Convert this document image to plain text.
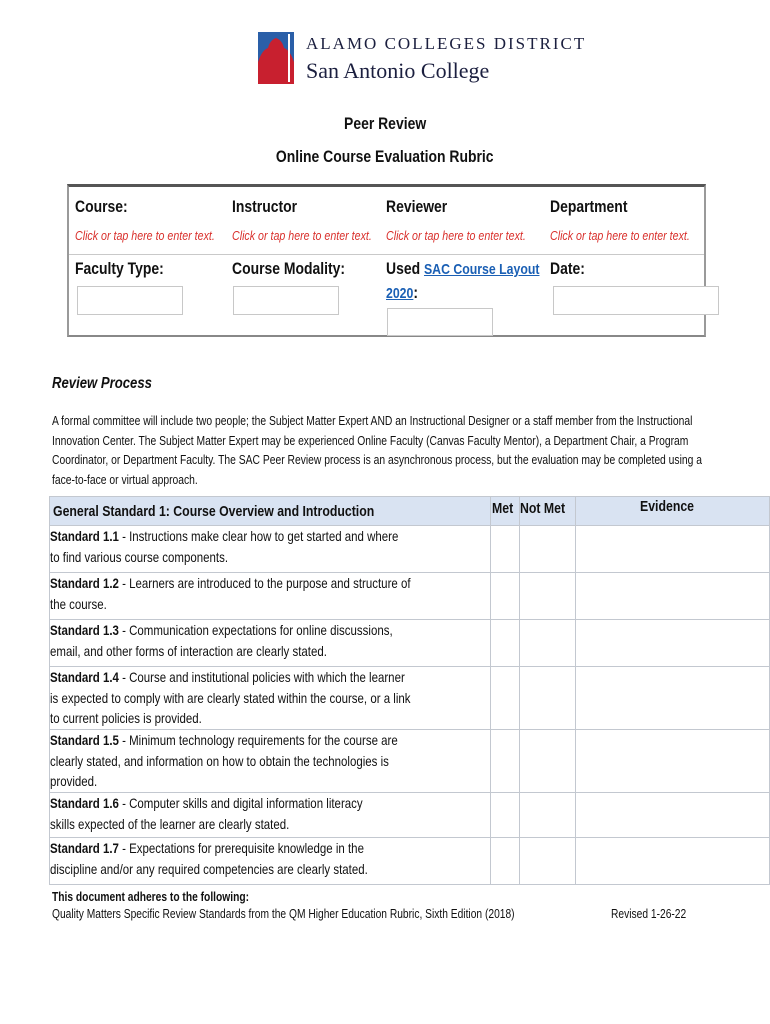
ALAMO COLLEGES DISTRICT
San Antonio College
Peer Review
Online Course Evaluation Rubric
Course:	Instructor	Reviewer	Department
Click or tap here to enter text.	Click or tap here to enter text.	Click or tap here to enter text.	Click or tap here to enter text.
Faculty Type:	Course Modality:	Used SAC Course Layout
2020:
Date:
Review Process
A formal committee will include two people; the Subject Matter Expert AND an Instructional Designer or a staff member from the Instructional
Innovation Center. The Subject Matter Expert may be experienced Online Faculty (Canvas Faculty Mentor), a Department Chair, a Program
Coordinator, or Department Faculty. The SAC Peer Review process is an asynchronous process, but the evaluation may be completed using a
face-to-face or virtual approach.
General Standard 1: Course Overview and Introduction	Met	Not Met	Evidence

Standard 1.1 - Instructions make clear how to get started and where
to find various course components.			

Standard 1.2 - Learners are introduced to the purpose and structure of
the course.			

Standard 1.3 - Communication expectations for online discussions,
email, and other forms of interaction are clearly stated.			

Standard 1.4 - Course and institutional policies with which the learner
is expected to comply with are clearly stated within the course, or a link
to current policies is provided.			

Standard 1.5 - Minimum technology requirements for the course are
clearly stated, and information on how to obtain the technologies is
provided.			

Standard 1.6 - Computer skills and digital information literacy
skills expected of the learner are clearly stated.			

Standard 1.7 - Expectations for prerequisite knowledge in the
discipline and/or any required competencies are clearly stated.			

This document adheres to the following:
Quality Matters Specific Review Standards from the QM Higher Education Rubric, Sixth Edition (2018)	Revised 1-26-22
